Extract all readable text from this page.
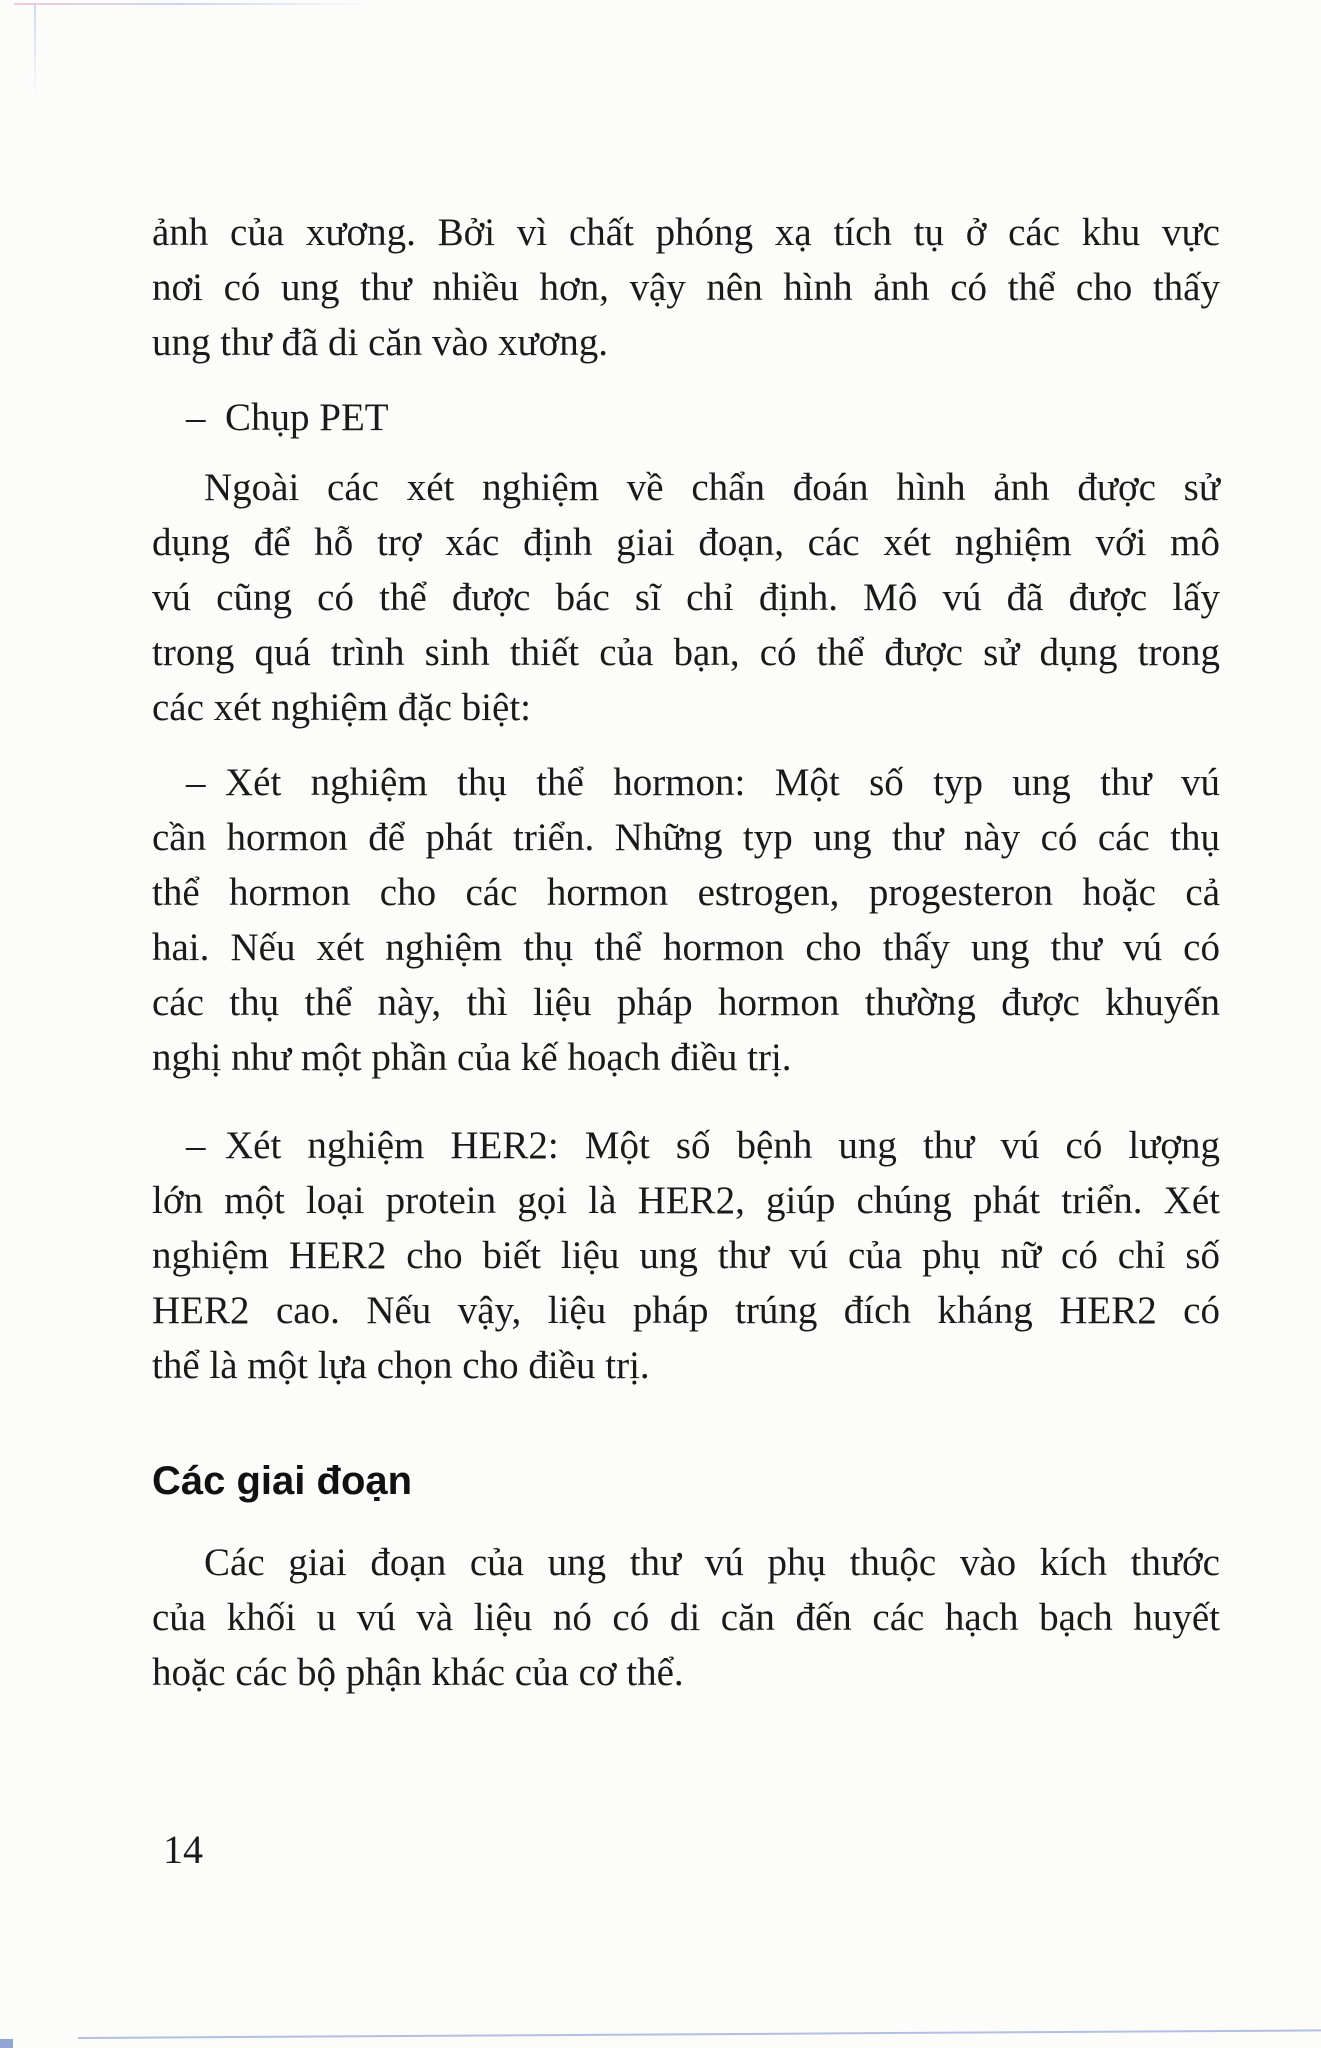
ảnh của xương. Bởi vì chất phóng xạ tích tụ ở các khu vực
nơi có ung thư nhiều hơn, vậy nên hình ảnh có thể cho thấy
ung thư đã di căn vào xương.
– Chụp PET
Ngoài các xét nghiệm về chẩn đoán hình ảnh được sử
dụng để hỗ trợ xác định giai đoạn, các xét nghiệm với mô
vú cũng có thể được bác sĩ chỉ định. Mô vú đã được lấy
trong quá trình sinh thiết của bạn, có thể được sử dụng trong
các xét nghiệm đặc biệt:
– Xét nghiệm thụ thể hormon: Một số typ ung thư vú
cần hormon để phát triển. Những typ ung thư này có các thụ
thể hormon cho các hormon estrogen, progesteron hoặc cả
hai. Nếu xét nghiệm thụ thể hormon cho thấy ung thư vú có
các thụ thể này, thì liệu pháp hormon thường được khuyến
nghị như một phần của kế hoạch điều trị.
– Xét nghiệm HER2: Một số bệnh ung thư vú có lượng
lớn một loại protein gọi là HER2, giúp chúng phát triển. Xét
nghiệm HER2 cho biết liệu ung thư vú của phụ nữ có chỉ số
HER2 cao. Nếu vậy, liệu pháp trúng đích kháng HER2 có
thể là một lựa chọn cho điều trị.
Các giai đoạn
Các giai đoạn của ung thư vú phụ thuộc vào kích thước
của khối u vú và liệu nó có di căn đến các hạch bạch huyết
hoặc các bộ phận khác của cơ thể.
14
